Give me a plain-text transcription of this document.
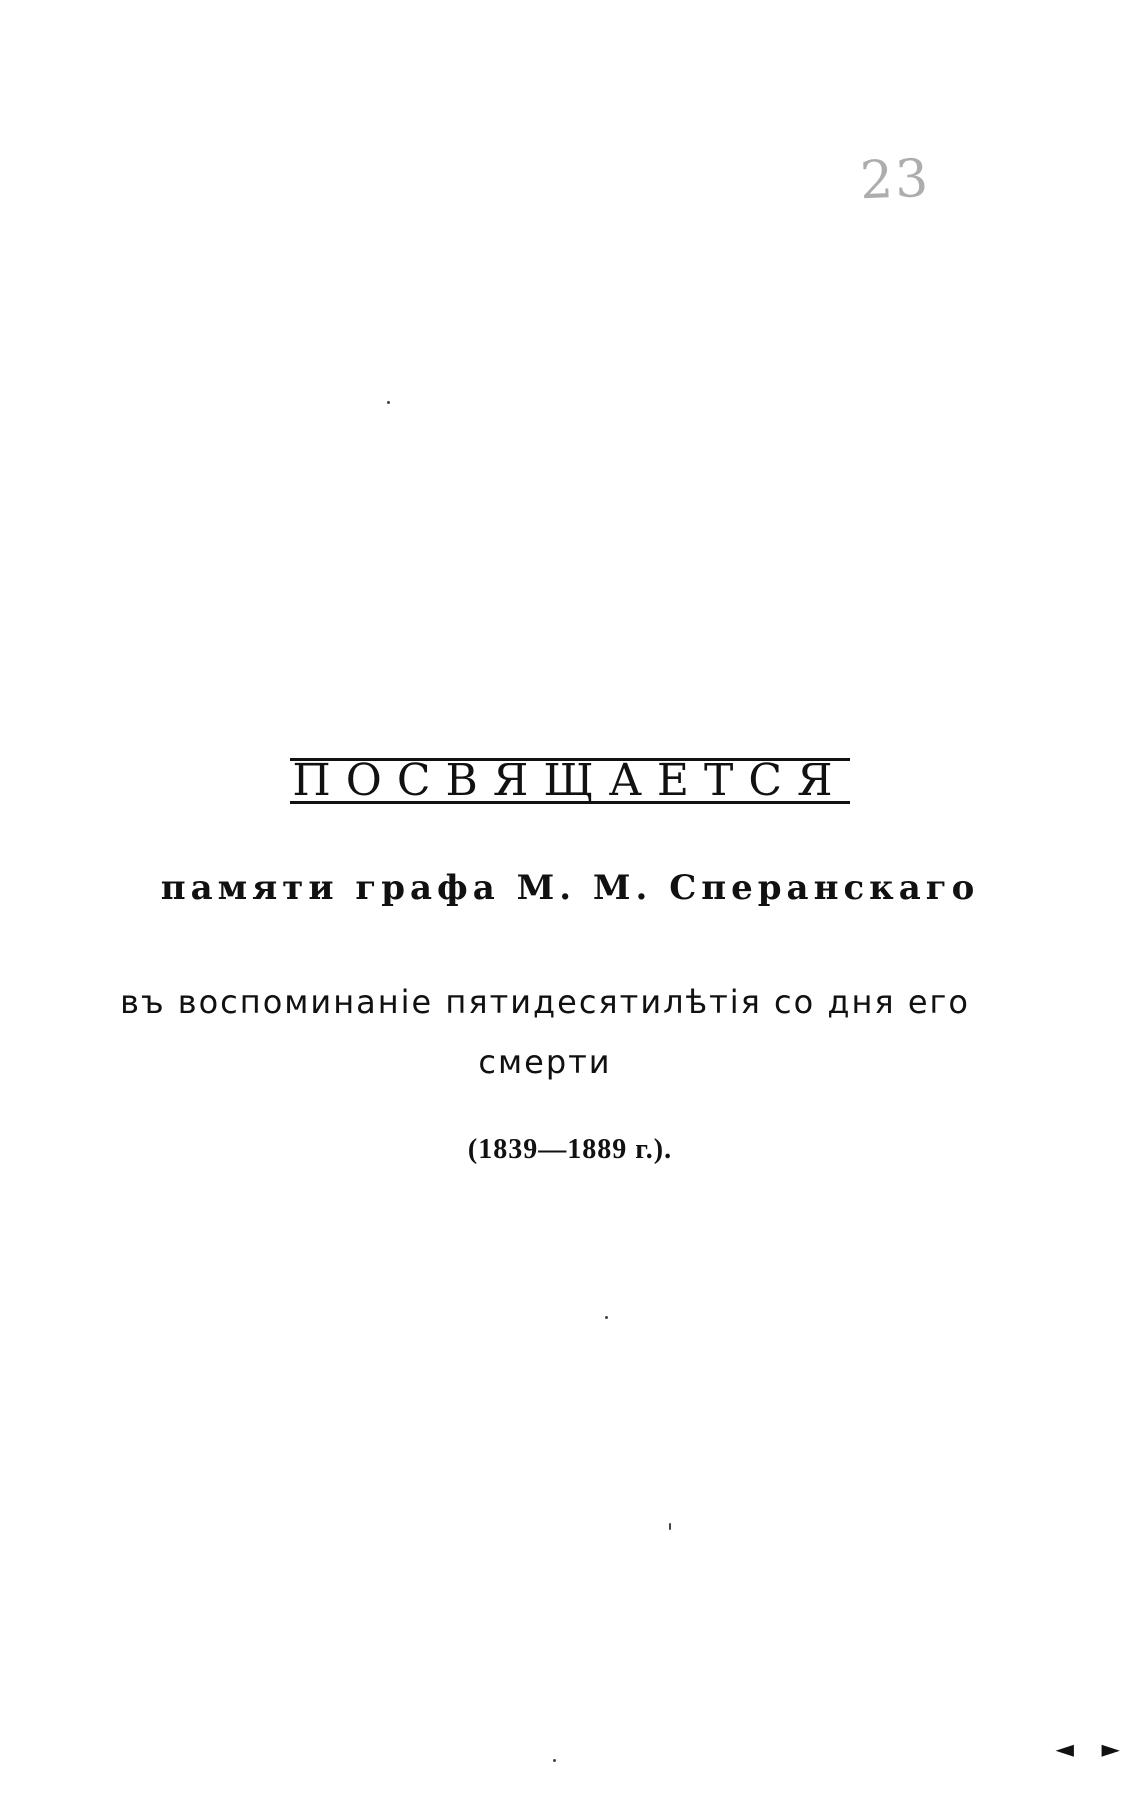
23
ПОСВЯЩАЕТСЯ
памяти графа М. М. Сперанскаго
въ воспоминаніе пятидесятилѣтія со дня его смерти
(1839—1889 г.).
◄ ►
